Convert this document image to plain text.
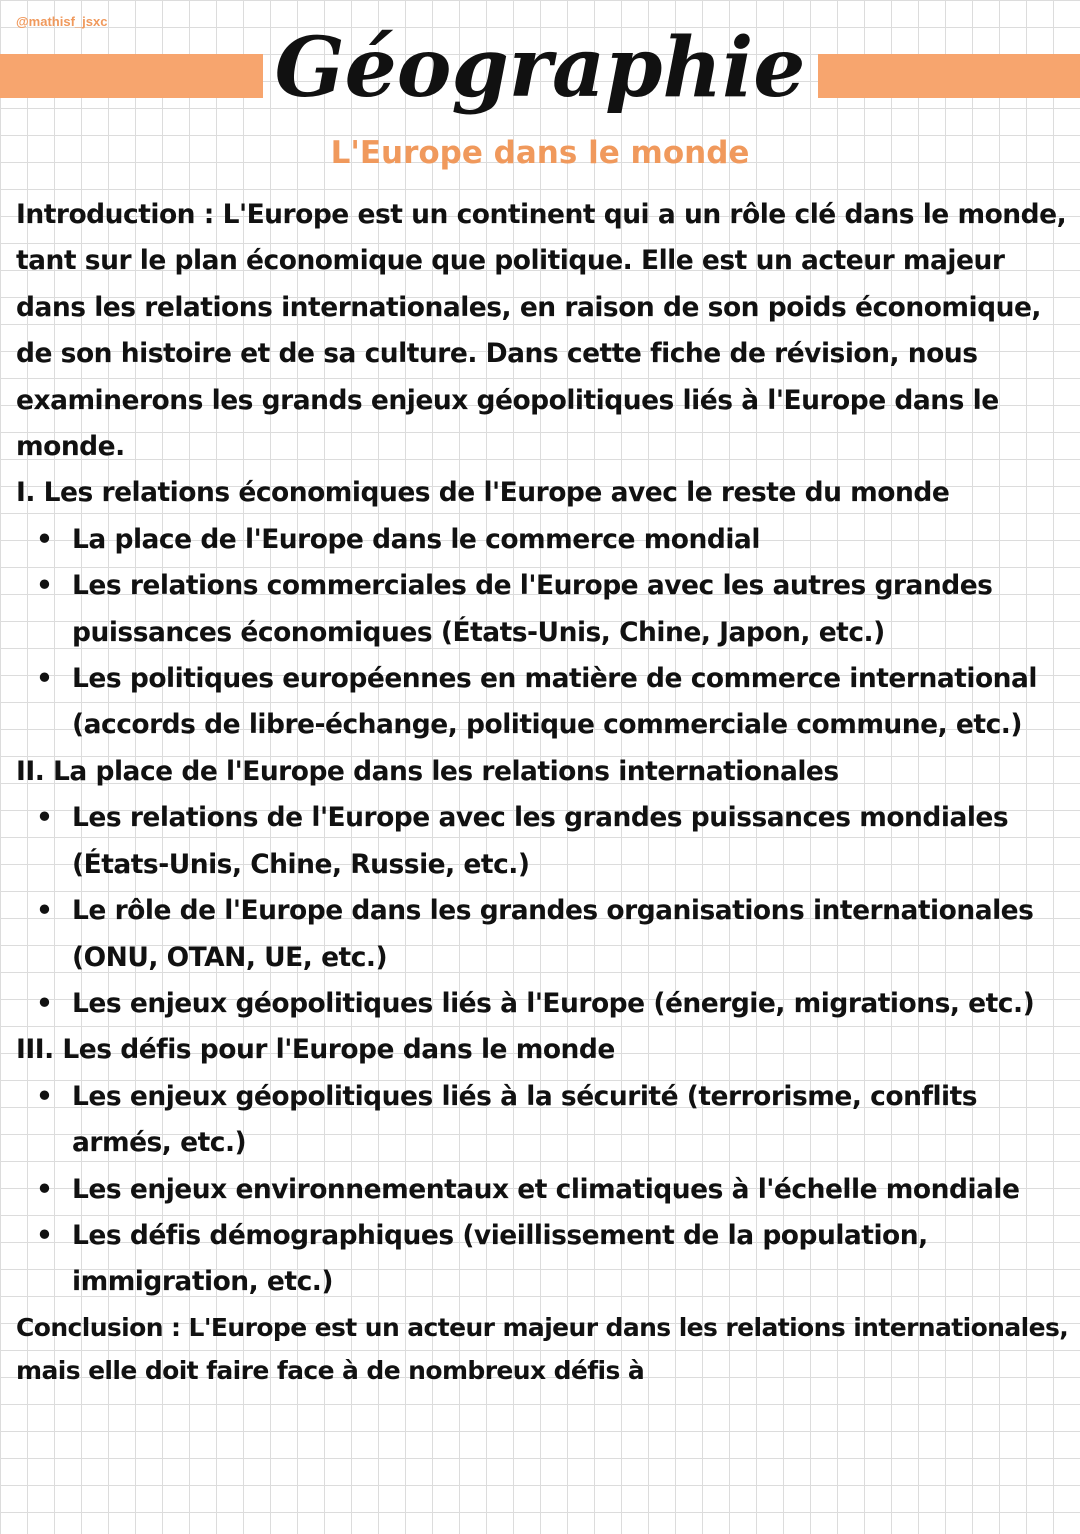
@mathisf_jsxc	Géographie
L'Europe dans le monde

Introduction : L'Europe est un continent qui a un rôle clé dans le monde, tant sur le plan économique que politique. Elle est un acteur majeur dans les relations internationales, en raison de son poids économique, de son histoire et de sa culture. Dans cette fiche de révision, nous examinerons les grands enjeux géopolitiques liés à l'Europe dans le monde.

I. Les relations économiques de l'Europe avec le reste du monde

• La place de l'Europe dans le commerce mondial
• Les relations commerciales de l'Europe avec les autres grandes puissances économiques (États-Unis, Chine, Japon, etc.)
• Les politiques européennes en matière de commerce international (accords de libre-échange, politique commerciale commune, etc.)

II. La place de l'Europe dans les relations internationales

• Les relations de l'Europe avec les grandes puissances mondiales (États-Unis, Chine, Russie, etc.)
• Le rôle de l'Europe dans les grandes organisations internationales (ONU, OTAN, UE, etc.)
• Les enjeux géopolitiques liés à l'Europe (énergie, migrations, etc.)

III. Les défis pour l'Europe dans le monde

• Les enjeux géopolitiques liés à la sécurité (terrorisme, conflits armés, etc.)
• Les enjeux environnementaux et climatiques à l'échelle mondiale
• Les défis démographiques (vieillissement de la population, immigration, etc.)

Conclusion : L'Europe est un acteur majeur dans les relations internationales, mais elle doit faire face à de nombreux défis à
